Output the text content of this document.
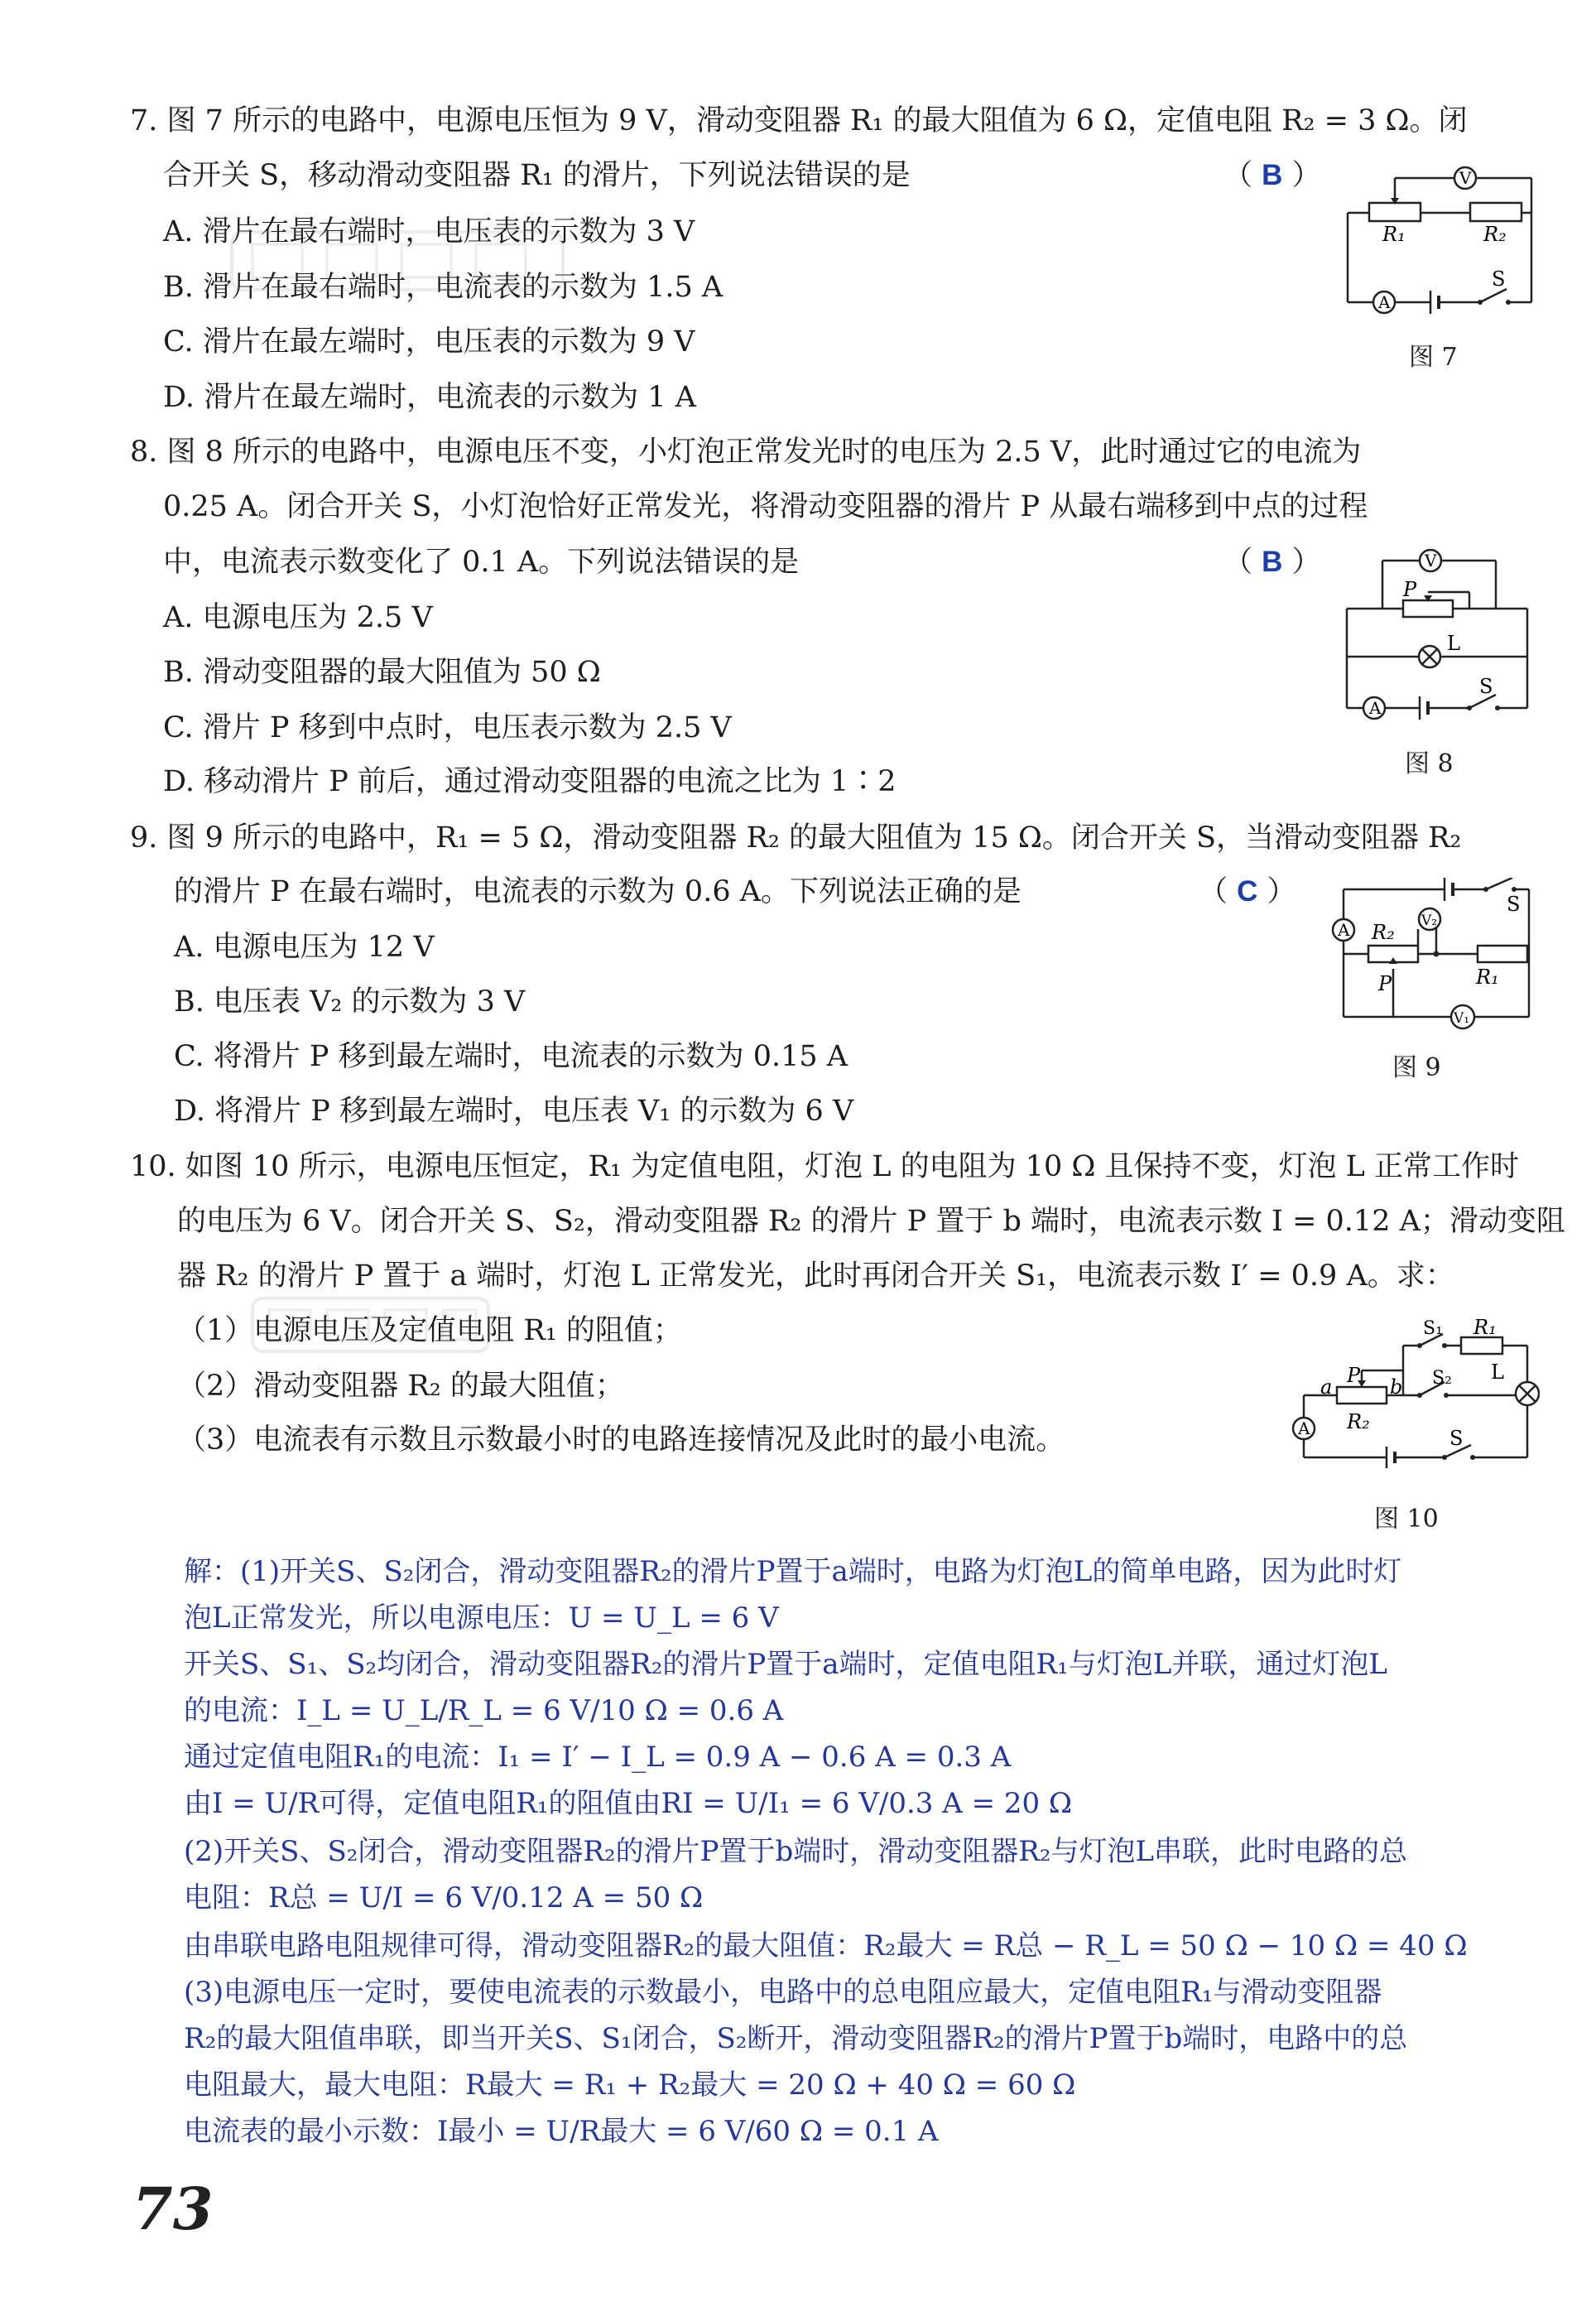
7. 图 7 所示的电路中，电源电压恒为 9 V，滑动变阻器 R₁ 的最大阻值为 6 Ω，定值电阻 R₂ = 3 Ω。闭
合开关 S，移动滑动变阻器 R₁ 的滑片，下列说法错误的是	（ B ）
A. 滑片在最右端时，电压表的示数为 3 V
B. 滑片在最右端时，电流表的示数为 1.5 A
C. 滑片在最左端时，电压表的示数为 9 V
D. 滑片在最左端时，电流表的示数为 1 A
V
A
R₁	R₂
S
图 7
8. 图 8 所示的电路中，电源电压不变，小灯泡正常发光时的电压为 2.5 V，此时通过它的电流为
0.25 A。闭合开关 S，小灯泡恰好正常发光，将滑动变阻器的滑片 P 从最右端移到中点的过程
中，电流表示数变化了 0.1 A。下列说法错误的是	（ B ）
A. 电源电压为 2.5 V
B. 滑动变阻器的最大阻值为 50 Ω
C. 滑片 P 移到中点时，电压表示数为 2.5 V
D. 移动滑片 P 前后，通过滑动变阻器的电流之比为 1∶2
V
A
P
L
S
图 8
9. 图 9 所示的电路中，R₁ = 5 Ω，滑动变阻器 R₂ 的最大阻值为 15 Ω。闭合开关 S，当滑动变阻器 R₂
的滑片 P 在最右端时，电流表的示数为 0.6 A。下列说法正确的是	（ C ）
A. 电源电压为 12 V
B. 电压表 V₂ 的示数为 3 V
C. 将滑片 P 移到最左端时，电流表的示数为 0.15 A
D. 将滑片 P 移到最左端时，电压表 V₁ 的示数为 6 V
A	V₂
V₁
R₂
R₁
P
S
图 9
10. 如图 10 所示，电源电压恒定，R₁ 为定值电阻，灯泡 L 的电阻为 10 Ω 且保持不变，灯泡 L 正常工作时
的电压为 6 V。闭合开关 S、S₂，滑动变阻器 R₂ 的滑片 P 置于 b 端时，电流表示数 I = 0.12 A；滑动变阻
器 R₂ 的滑片 P 置于 a 端时，灯泡 L 正常发光，此时再闭合开关 S₁，电流表示数 I′ = 0.9 A。求：
（1）电源电压及定值电阻 R₁ 的阻值；
（2）滑动变阻器 R₂ 的最大阻值；
（3）电流表有示数且示数最小时的电路连接情况及此时的最小电流。	A
a	b
P
R₂
S₁ R₁
S₂ L
S
图 10
解：(1)开关S、S₂闭合，滑动变阻器R₂的滑片P置于a端时，电路为灯泡L的简单电路，因为此时灯
泡L正常发光，所以电源电压：U = U_L = 6 V
开关S、S₁、S₂均闭合，滑动变阻器R₂的滑片P置于a端时，定值电阻R₁与灯泡L并联，通过灯泡L
的电流：I_L = U_L/R_L = 6 V/10 Ω = 0.6 A
通过定值电阻R₁的电流：I₁ = I′ − I_L = 0.9 A − 0.6 A = 0.3 A
由I = U/R可得，定值电阻R₁的阻值由RI = U/I₁ = 6 V/0.3 A = 20 Ω
(2)开关S、S₂闭合，滑动变阻器R₂的滑片P置于b端时，滑动变阻器R₂与灯泡L串联，此时电路的总
电阻：R总 = U/I = 6 V/0.12 A = 50 Ω
由串联电路电阻规律可得，滑动变阻器R₂的最大阻值：R₂最大 = R总 − R_L = 50 Ω − 10 Ω = 40 Ω
(3)电源电压一定时，要使电流表的示数最小，电路中的总电阻应最大，定值电阻R₁与滑动变阻器
R₂的最大阻值串联，即当开关S、S₁闭合，S₂断开，滑动变阻器R₂的滑片P置于b端时，电路中的总
电阻最大，最大电阻：R最大 = R₁ + R₂最大 = 20 Ω + 40 Ω = 60 Ω
电流表的最小示数：I最小 = U/R最大 = 6 V/60 Ω = 0.1 A
73
